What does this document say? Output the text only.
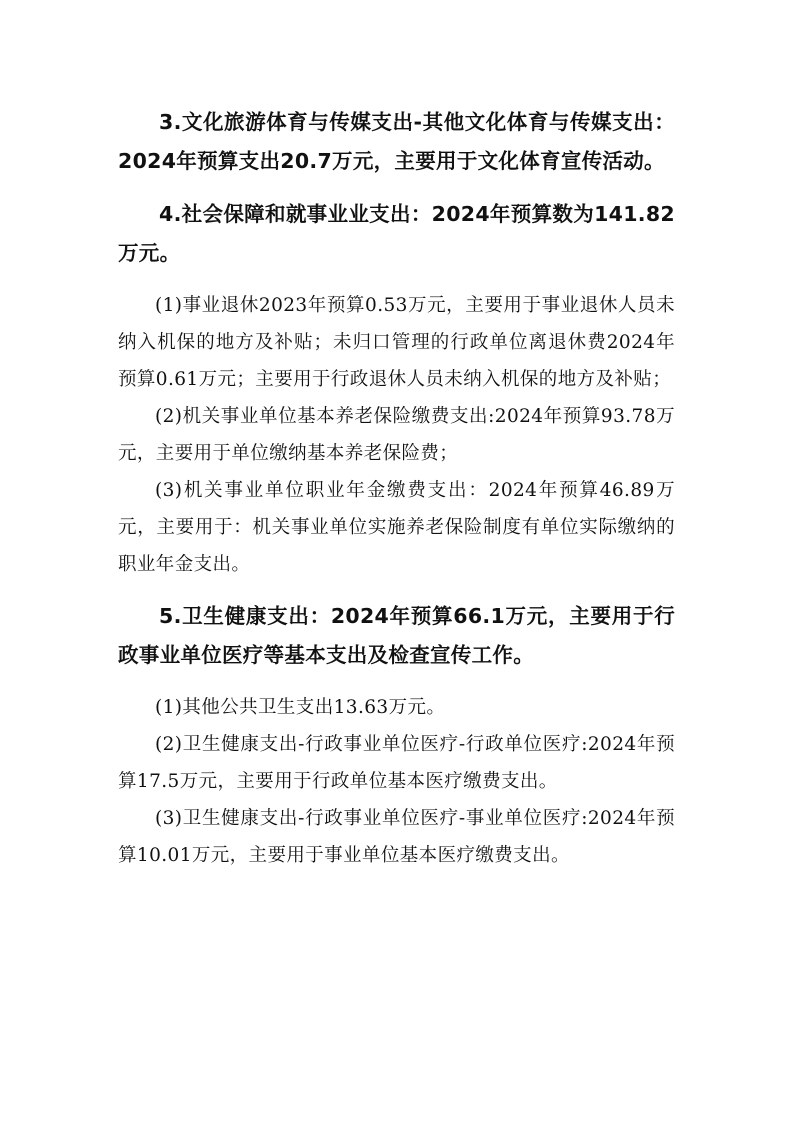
3.文化旅游体育与传媒支出-其他文化体育与传媒支出：2024年预算支出20.7万元，主要用于文化体育宣传活动。

4.社会保障和就事业业支出：2024年预算数为141.82万元。

(1)事业退休2023年预算0.53万元，主要用于事业退休人员未纳入机保的地方及补贴；未归口管理的行政单位离退休费2024年预算0.61万元；主要用于行政退休人员未纳入机保的地方及补贴；

(2)机关事业单位基本养老保险缴费支出:2024年预算93.78万元，主要用于单位缴纳基本养老保险费；

(3)机关事业单位职业年金缴费支出：2024年预算46.89万元，主要用于：机关事业单位实施养老保险制度有单位实际缴纳的职业年金支出。

5.卫生健康支出：2024年预算66.1万元，主要用于行政事业单位医疗等基本支出及检查宣传工作。

(1)其他公共卫生支出13.63万元。

(2)卫生健康支出-行政事业单位医疗-行政单位医疗:2024年预算17.5万元，主要用于行政单位基本医疗缴费支出。

(3)卫生健康支出-行政事业单位医疗-事业单位医疗:2024年预算10.01万元，主要用于事业单位基本医疗缴费支出。
